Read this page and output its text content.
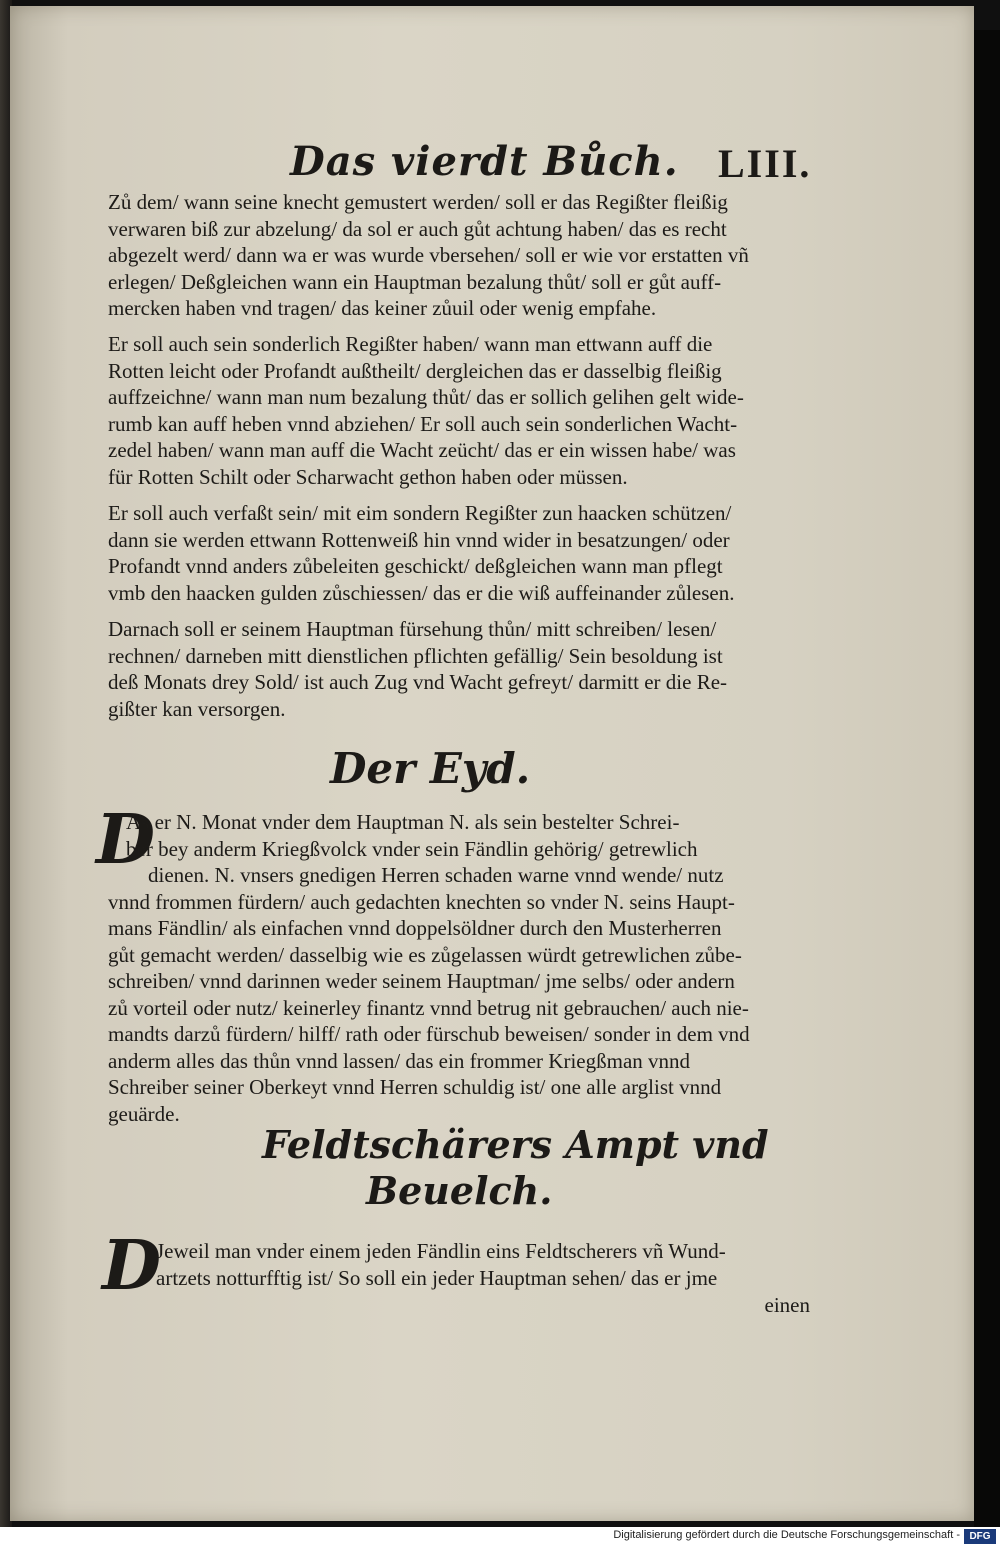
Das vierdt Bůch. LIII.
Zů dem/ wann seine knecht gemustert werden/ soll er das Regißter fleißig
verwaren biß zur abzelung/ da sol er auch gůt achtung haben/ das es recht
abgezelt werd/ dann wa er was wurde vbersehen/ soll er wie vor erstatten vñ
erlegen/ Deßgleichen wann ein Hauptman bezalung thůt/ soll er gůt auff-
mercken haben vnd tragen/ das keiner zůuil oder wenig empfahe.
Er soll auch sein sonderlich Regißter haben/ wann man ettwann auff die
Rotten leicht oder Profandt außtheilt/ dergleichen das er dasselbig fleißig
auffzeichne/ wann man num bezalung thůt/ das er sollich gelihen gelt wide-
rumb kan auff heben vnnd abziehen/ Er soll auch sein sonderlichen Wacht-
zedel haben/ wann man auff die Wacht zeücht/ das er ein wissen habe/ was
für Rotten Schilt oder Scharwacht gethon haben oder müssen.
Er soll auch verfaßt sein/ mit eim sondern Regißter zun haacken schützen/
dann sie werden ettwann Rottenweiß hin vnnd wider in besatzungen/ oder
Profandt vnnd anders zůbeleiten geschickt/ deßgleichen wann man pflegt
vmb den haacken gulden zůschiessen/ das er die wiß auffeinander zůlesen.
Darnach soll er seinem Hauptman fürsehung thůn/ mitt schreiben/ lesen/
rechnen/ darneben mitt dienstlichen pflichten gefällig/ Sein besoldung ist
deß Monats drey Sold/ ist auch Zug vnd Wacht gefreyt/ darmitt er die Re-
gißter kan versorgen.
Der Eyd.
D
As er N. Monat vnder dem Hauptman N. als sein bestelter Schrei-
ber bey anderm Kriegßvolck vnder sein Fändlin gehörig/ getrewlich
dienen. N. vnsers gnedigen Herren schaden warne vnnd wende/ nutz
vnnd frommen fürdern/ auch gedachten knechten so vnder N. seins Haupt-
mans Fändlin/ als einfachen vnnd doppelsöldner durch den Musterherren
gůt gemacht werden/ dasselbig wie es zůgelassen würdt getrewlichen zůbe-
schreiben/ vnnd darinnen weder seinem Hauptman/ jme selbs/ oder andern
zů vorteil oder nutz/ keinerley finantz vnnd betrug nit gebrauchen/ auch nie-
mandts darzů fürdern/ hilff/ rath oder fürschub beweisen/ sonder in dem vnd
anderm alles das thůn vnnd lassen/ das ein frommer Kriegßman vnnd
Schreiber seiner Oberkeyt vnnd Herren schuldig ist/ one alle arglist vnnd
geuärde.
Feldtschärers Ampt vnd
Beuelch.
D
Jeweil man vnder einem jeden Fändlin eins Feldtscherers vñ Wund-
artzets notturfftig ist/ So soll ein jeder Hauptman sehen/ das er jme
einen
Digitalisierung gefördert durch die Deutsche Forschungsgemeinschaft - DFG
